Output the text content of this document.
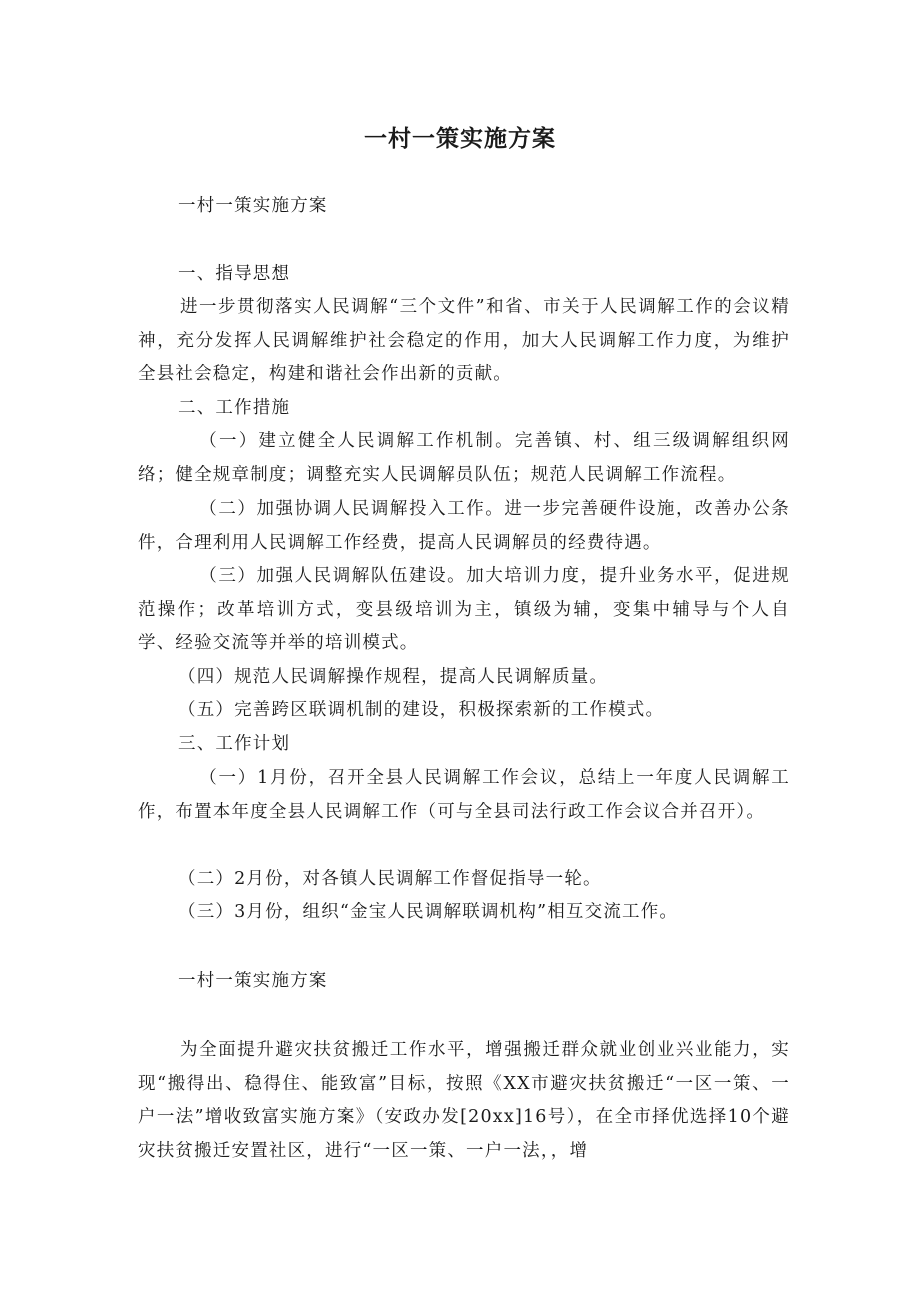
一村一策实施方案

一村一策实施方案

一、指导思想

进一步贯彻落实人民调解“三个文件”和省、市关于人民调解工作的会议精神，充分发挥人民调解维护社会稳定的作用，加大人民调解工作力度，为维护全县社会稳定，构建和谐社会作出新的贡献。

二、工作措施

（一）建立健全人民调解工作机制。完善镇、村、组三级调解组织网络；健全规章制度；调整充实人民调解员队伍；规范人民调解工作流程。

（二）加强协调人民调解投入工作。进一步完善硬件设施，改善办公条件，合理利用人民调解工作经费，提高人民调解员的经费待遇。

（三）加强人民调解队伍建设。加大培训力度，提升业务水平，促进规范操作；改革培训方式，变县级培训为主，镇级为辅，变集中辅导与个人自学、经验交流等并举的培训模式。

（四）规范人民调解操作规程，提高人民调解质量。

（五）完善跨区联调机制的建设，积极探索新的工作模式。

三、工作计划

（一）1月份，召开全县人民调解工作会议，总结上一年度人民调解工作，布置本年度全县人民调解工作（可与全县司法行政工作会议合并召开）。

（二）2月份，对各镇人民调解工作督促指导一轮。

（三）3月份，组织“金宝人民调解联调机构”相互交流工作。

一村一策实施方案

为全面提升避灾扶贫搬迁工作水平，增强搬迁群众就业创业兴业能力，实现“搬得出、稳得住、能致富”目标，按照《XX市避灾扶贫搬迁“一区一策、一户一法”增收致富实施方案》（安政办发[20xx]16号），在全市择优选择10个避灾扶贫搬迁安置社区，进行“一区一策、一户一法，，增
